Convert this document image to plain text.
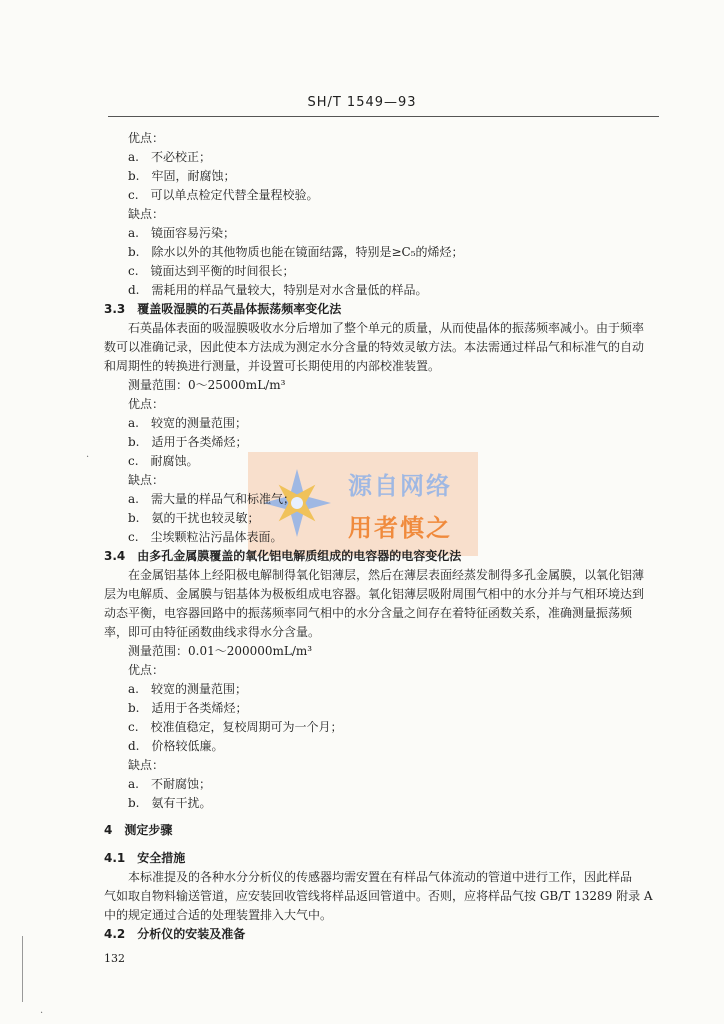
SH/T 1549—93
源自网络
用者慎之
优点：
a.　不必校正；
b.　牢固，耐腐蚀；
c.　可以单点检定代替全量程校验。
缺点：
a.　镜面容易污染；
b.　除水以外的其他物质也能在镜面结露，特别是≥C₅的烯烃；
c.　镜面达到平衡的时间很长；
d.　需耗用的样品气量较大，特别是对水含量低的样品。
3.3　覆盖吸湿膜的石英晶体振荡频率变化法
石英晶体表面的吸湿膜吸收水分后增加了整个单元的质量，从而使晶体的振荡频率减小。由于频率
数可以准确记录，因此使本方法成为测定水分含量的特效灵敏方法。本法需通过样品气和标准气的自动
和周期性的转换进行测量，并设置可长期使用的内部校准装置。
测量范围：0～25000mL/m³
优点：
a.　较宽的测量范围；
b.　适用于各类烯烃；
c.　耐腐蚀。
缺点：
a.　需大量的样品气和标准气；
b.　氨的干扰也较灵敏；
c.　尘埃颗粒沾污晶体表面。
3.4　由多孔金属膜覆盖的氧化铝电解质组成的电容器的电容变化法
在金属铝基体上经阳极电解制得氧化铝薄层，然后在薄层表面经蒸发制得多孔金属膜，以氧化铝薄
层为电解质、金属膜与铝基体为极板组成电容器。氧化铝薄层吸附周围气相中的水分并与气相环境达到
动态平衡，电容器回路中的振荡频率同气相中的水分含量之间存在着特征函数关系，准确测量振荡频
率，即可由特征函数曲线求得水分含量。
测量范围：0.01～200000mL/m³
优点：
a.　较宽的测量范围；
b.　适用于各类烯烃；
c.　校准值稳定，复校周期可为一个月；
d.　价格较低廉。
缺点：
a.　不耐腐蚀；
b.　氨有干扰。
4　测定步骤
4.1　安全措施
本标准提及的各种水分分析仪的传感器均需安置在有样品气体流动的管道中进行工作，因此样品
气如取自物料输送管道，应安装回收管线将样品返回管道中。否则，应将样品气按 GB/T 13289 附录 A
中的规定通过合适的处理装置排入大气中。
4.2　分析仪的安装及准备
132
·
·
